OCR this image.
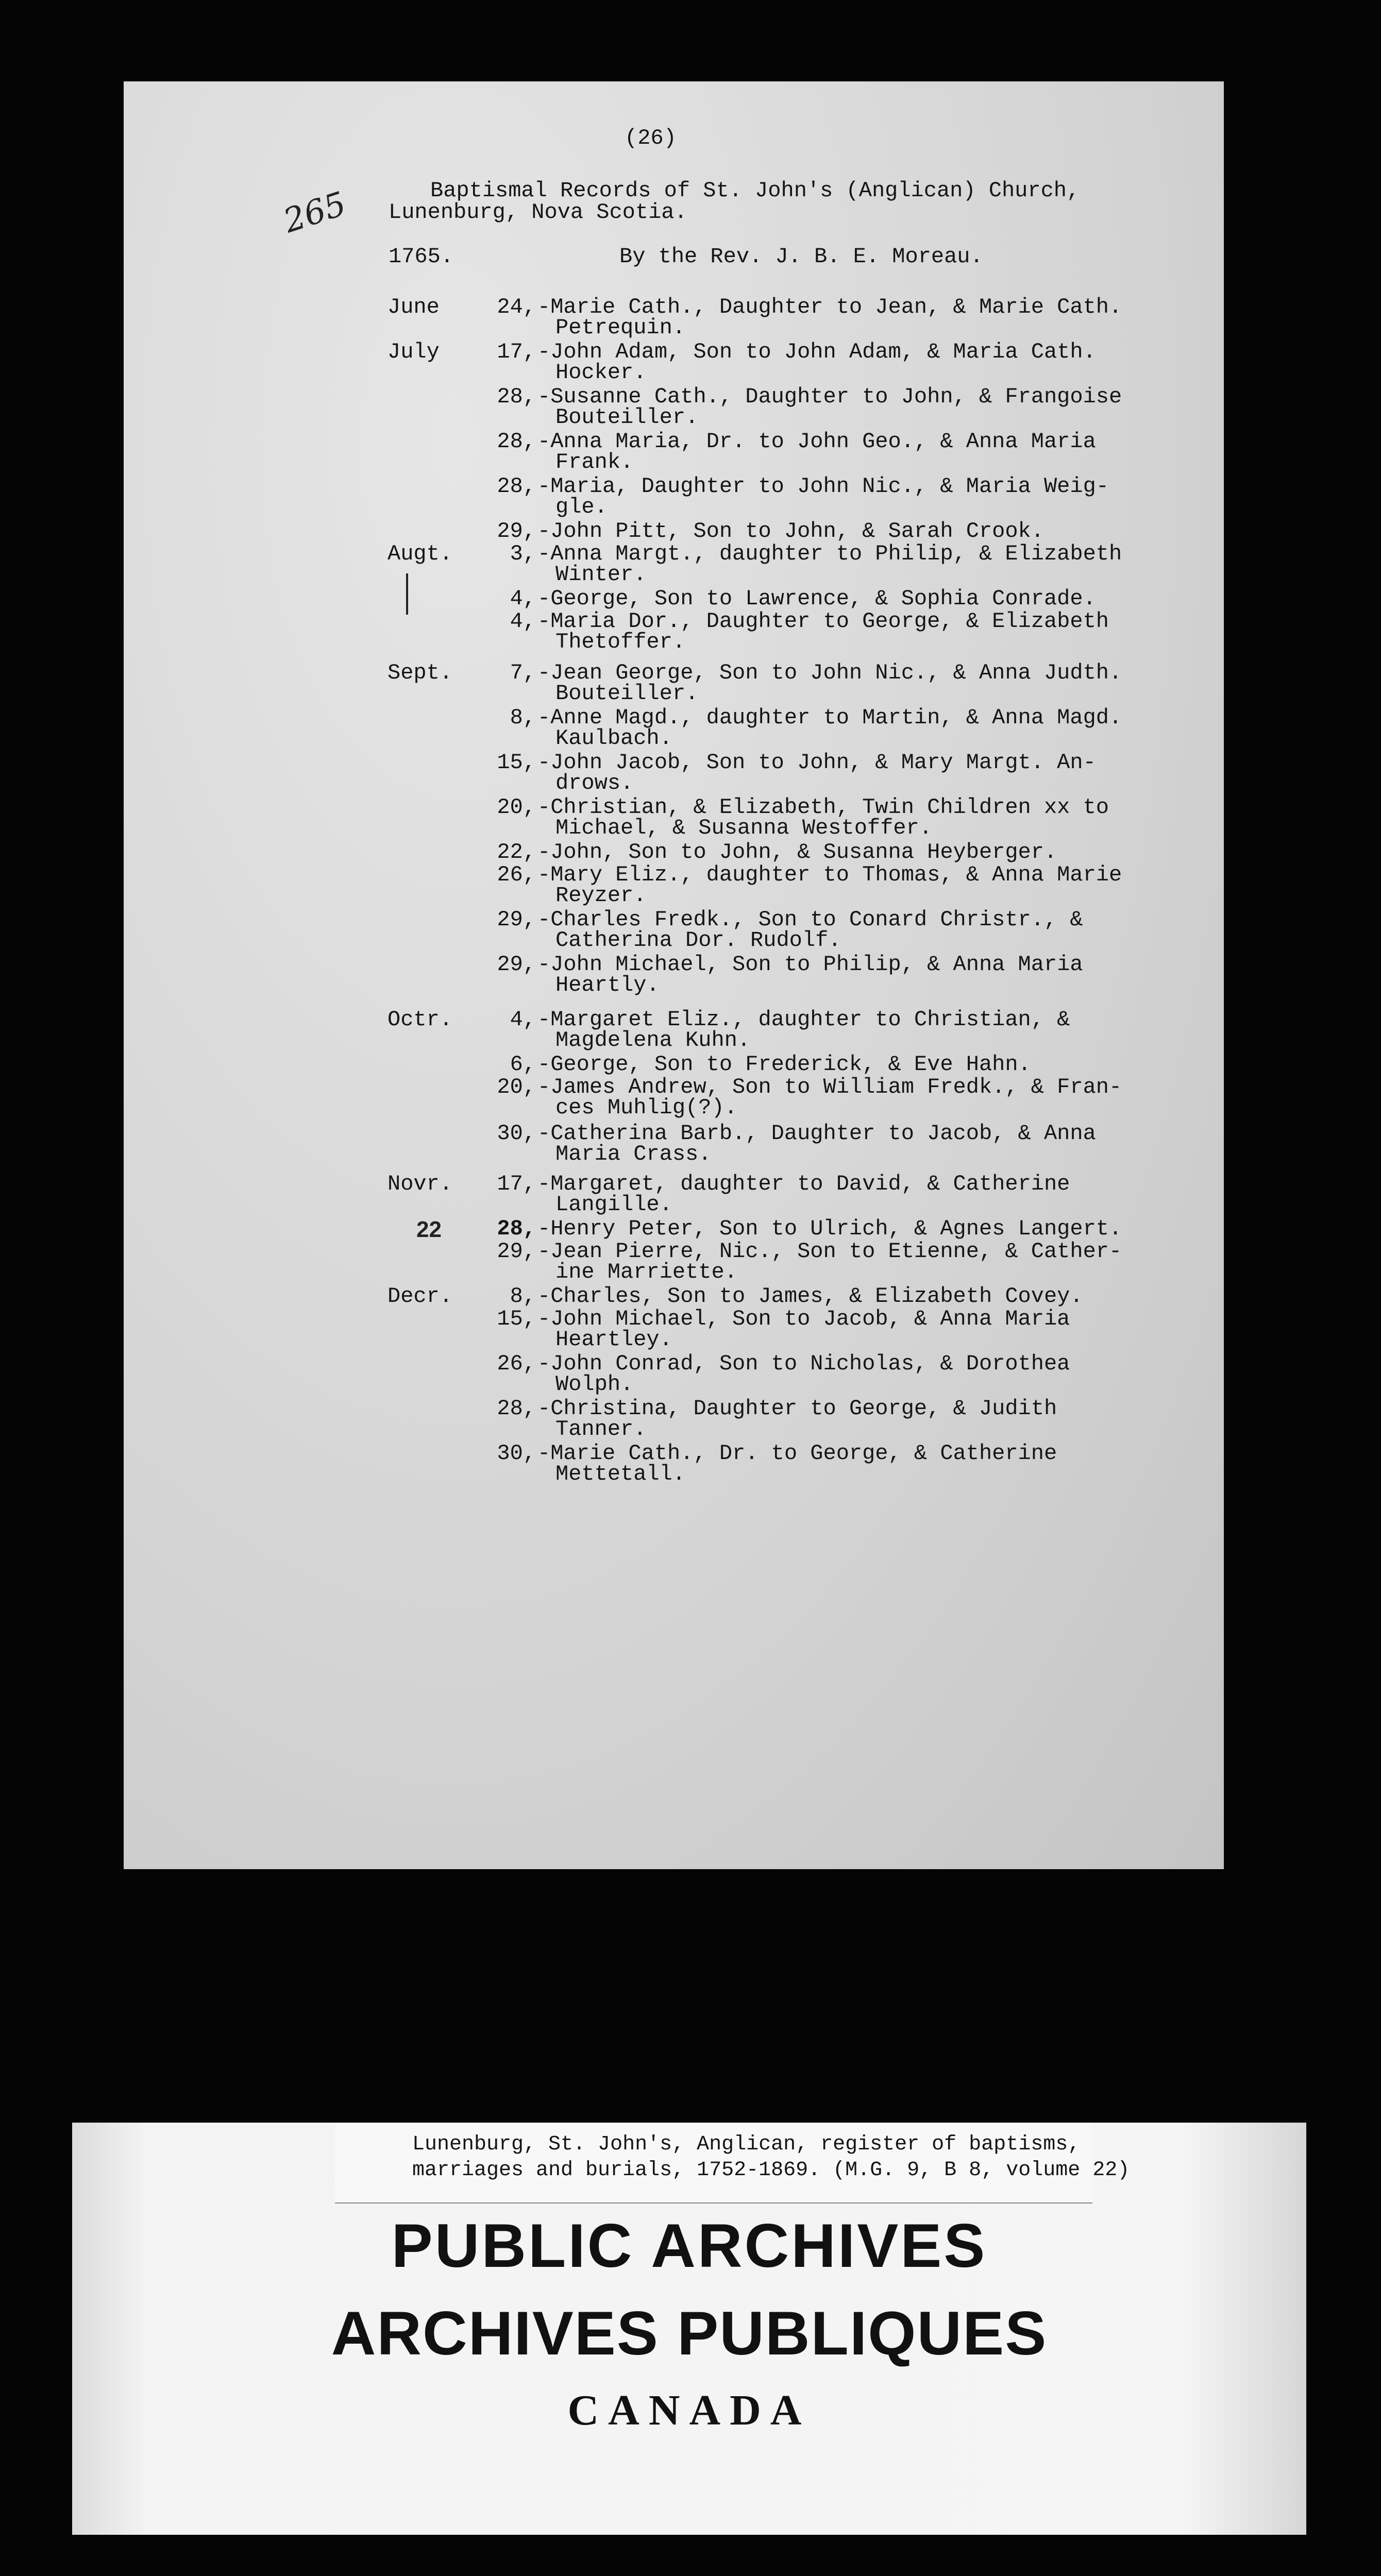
(26)
265	Baptismal Records of St. John's (Anglican) Church,
Lunenburg, Nova Scotia.
1765.	By the Rev. J. B. E. Moreau.
June	24, -Marie Cath., Daughter to Jean, & Marie Cath.
Petrequin.
July	17, -John Adam, Son to John Adam, & Maria Cath.
Hocker.
28, -Susanne Cath., Daughter to John, & Frangoise
Bouteiller.
28, -Anna Maria, Dr. to John Geo., & Anna Maria
Frank.
28, -Maria, Daughter to John Nic., & Maria Weig-
gle.
29, -John Pitt, Son to John, & Sarah Crook.
Augt.	3, -Anna Margt., daughter to Philip, & Elizabeth
Winter.
4, -George, Son to Lawrence, & Sophia Conrade.
4, -Maria Dor., Daughter to George, & Elizabeth
Thetoffer.
Sept.	7, -Jean George, Son to John Nic., & Anna Judth.
Bouteiller.
8, -Anne Magd., daughter to Martin, & Anna Magd.
Kaulbach.
15, -John Jacob, Son to John, & Mary Margt. An-
drows.
20, -Christian, & Elizabeth, Twin Children xx to
Michael, & Susanna Westoffer.
22, -John, Son to John, & Susanna Heyberger.
26, -Mary Eliz., daughter to Thomas, & Anna Marie
Reyzer.
29, -Charles Fredk., Son to Conard Christr., &
Catherina Dor. Rudolf.
29, -John Michael, Son to Philip, & Anna Maria
Heartly.
Octr.	4, -Margaret Eliz., daughter to Christian, &
Magdelena Kuhn.
6, -George, Son to Frederick, & Eve Hahn.
20, -James Andrew, Son to William Fredk., & Fran-
ces Muhlig(?).
30, -Catherina Barb., Daughter to Jacob, & Anna
Maria Crass.
Novr.	17, -Margaret, daughter to David, & Catherine
Langille.
22	28, -Henry Peter, Son to Ulrich, & Agnes Langert.
29, -Jean Pierre, Nic., Son to Etienne, & Cather-
ine Marriette.
Decr.	8, -Charles, Son to James, & Elizabeth Covey.
15, -John Michael, Son to Jacob, & Anna Maria
Heartley.
26, -John Conrad, Son to Nicholas, & Dorothea
Wolph.
28, -Christina, Daughter to George, & Judith
Tanner.
30, -Marie Cath., Dr. to George, & Catherine
Mettetall.
Lunenburg, St. John's, Anglican, register of baptisms,
marriages and burials, 1752-1869. (M.G. 9, B 8, volume 22)
PUBLIC ARCHIVES
ARCHIVES PUBLIQUES
CANADA
